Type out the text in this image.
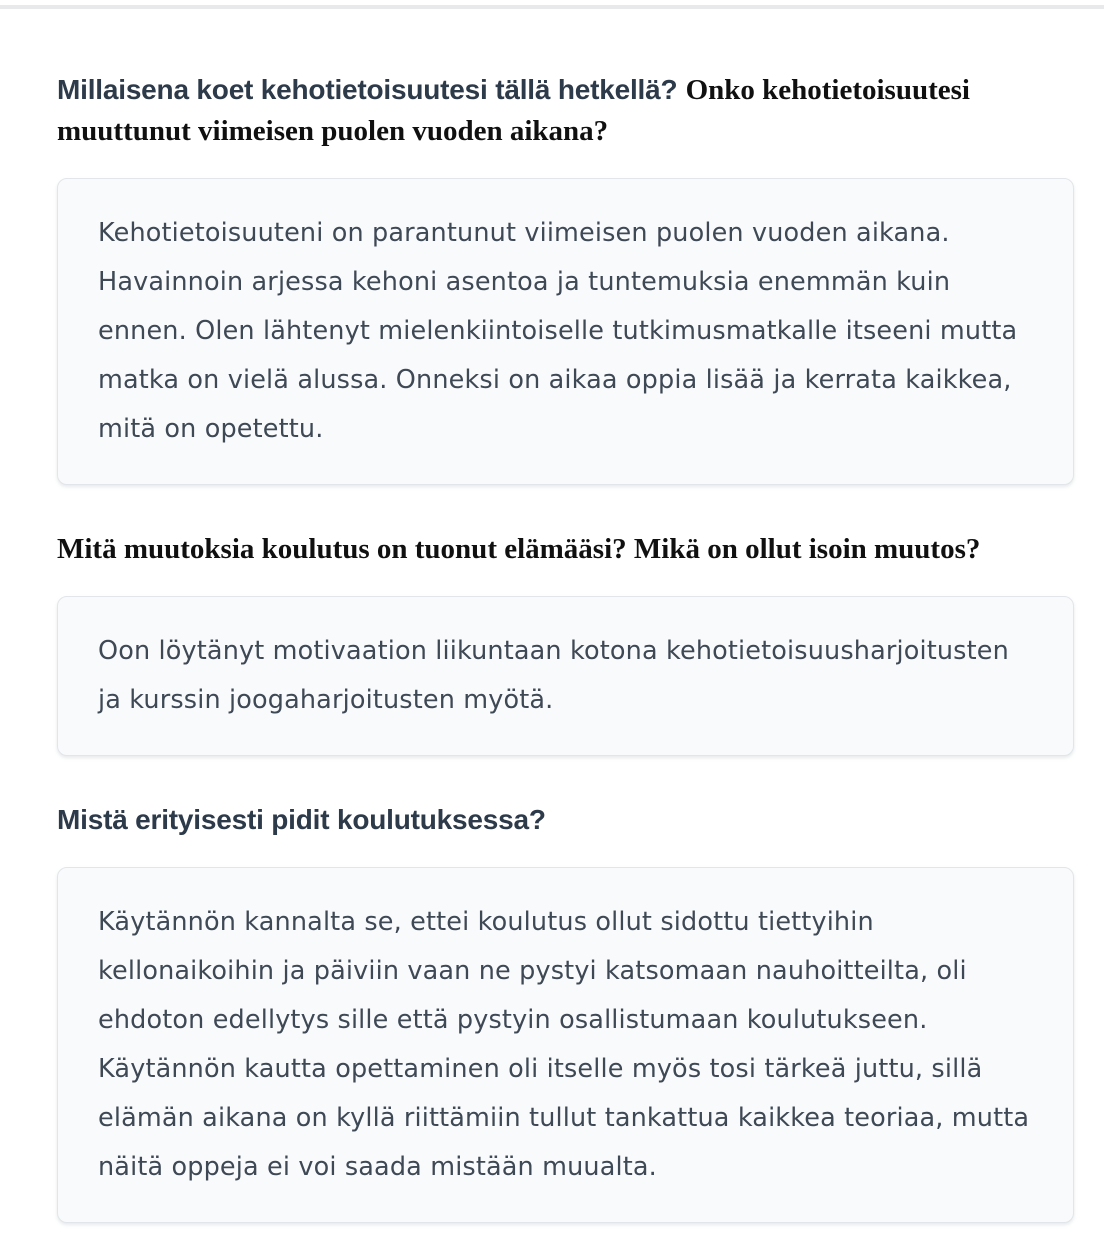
Millaisena koet kehotietoisuutesi tällä hetkellä? Onko kehotietoisuutesi muuttunut viimeisen puolen vuoden aikana?

Kehotietoisuuteni on parantunut viimeisen puolen vuoden aikana. Havainnoin arjessa kehoni asentoa ja tuntemuksia enemmän kuin ennen. Olen lähtenyt mielenkiintoiselle tutkimusmatkalle itseeni mutta matka on vielä alussa. Onneksi on aikaa oppia lisää ja kerrata kaikkea, mitä on opetettu.

Mitä muutoksia koulutus on tuonut elämääsi? Mikä on ollut isoin muutos?

Oon löytänyt motivaation liikuntaan kotona kehotietoisuusharjoitusten ja kurssin joogaharjoitusten myötä.

Mistä erityisesti pidit koulutuksessa?

Käytännön kannalta se, ettei koulutus ollut sidottu tiettyihin kellonaikoihin ja päiviin vaan ne pystyi katsomaan nauhoitteilta, oli ehdoton edellytys sille että pystyin osallistumaan koulutukseen. Käytännön kautta opettaminen oli itselle myös tosi tärkeä juttu, sillä elämän aikana on kyllä riittämiin tullut tankattua kaikkea teoriaa, mutta näitä oppeja ei voi saada mistään muualta.
